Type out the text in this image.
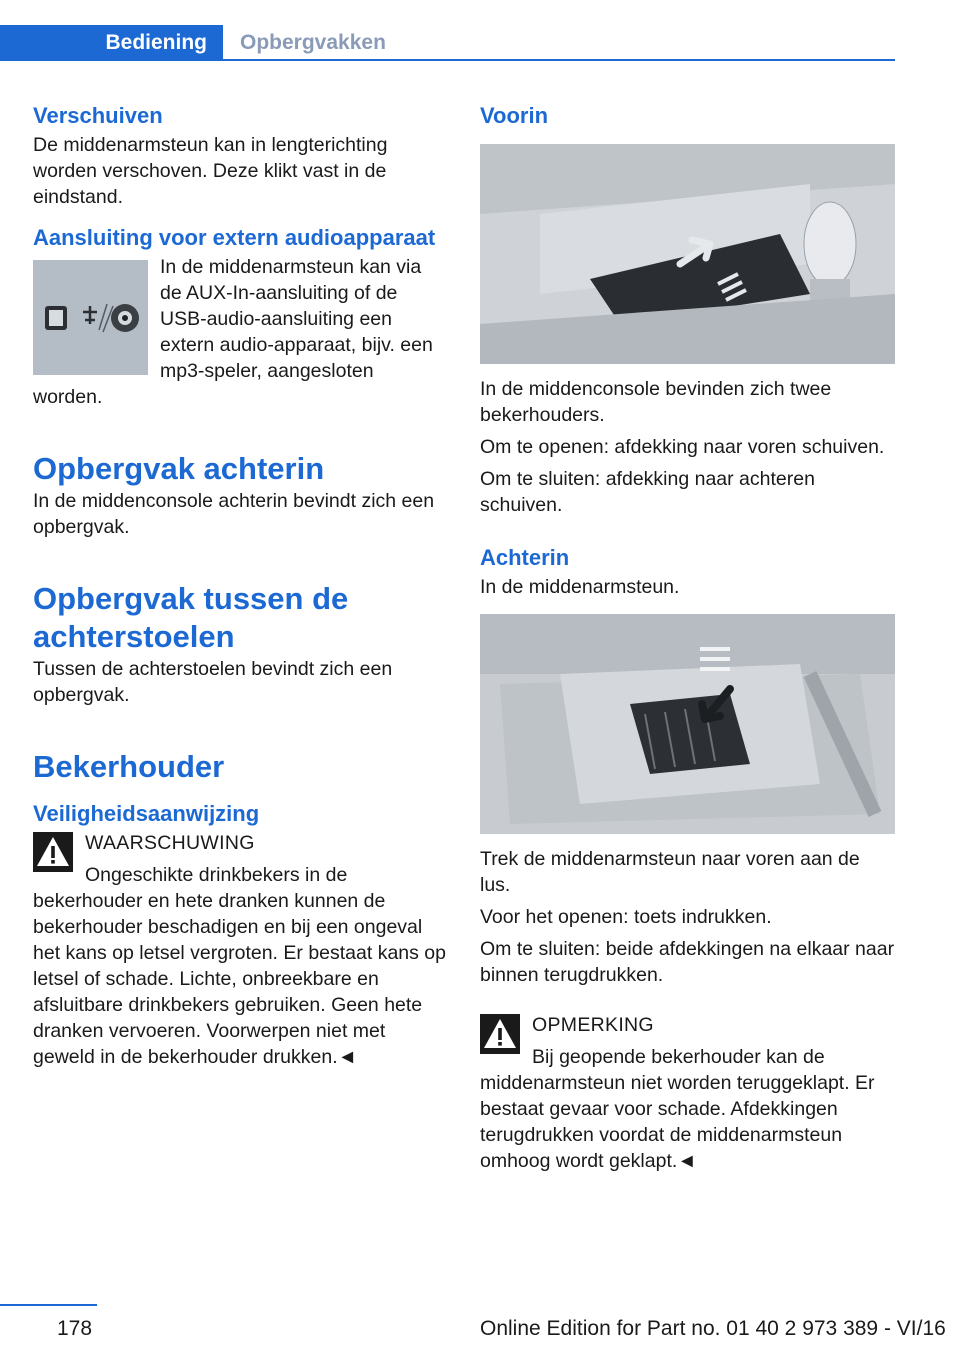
Bediening	Opbergvakken
Verschuiven

De middenarmsteun kan in lengterichting worden verschoven. Deze klikt vast in de eindstand.

Aansluiting voor extern audioapparaat

In de middenarmsteun kan via de AUX-In-aansluiting of de USB-audio-aansluiting een extern audio-apparaat, bijv. een mp3-speler, aangesloten worden.

Opbergvak achterin

In de middenconsole achterin bevindt zich een opbergvak.

Opbergvak tussen de achterstoelen

Tussen de achterstoelen bevindt zich een opbergvak.

Bekerhouder
Veiligheidsaanwijzing

WAARSCHUWING

Ongeschikte drinkbekers in de bekerhouder en hete dranken kunnen de bekerhouder beschadigen en bij een ongeval het kans op letsel vergroten. Er bestaat kans op letsel of schade. Lichte, onbreekbare en afsluitbare drinkbekers gebruiken. Geen hete dranken vervoeren. Voorwerpen niet met geweld in de bekerhouder drukken.◄

Voorin

In de middenconsole bevinden zich twee bekerhouders.

Om te openen: afdekking naar voren schuiven.

Om te sluiten: afdekking naar achteren schuiven.

Achterin

In de middenarmsteun.

Trek de middenarmsteun naar voren aan de lus.

Voor het openen: toets indrukken.

Om te sluiten: beide afdekkingen na elkaar naar binnen terugdrukken.

OPMERKING

Bij geopende bekerhouder kan de middenarmsteun niet worden teruggeklapt. Er bestaat gevaar voor schade. Afdekkingen terugdrukken voordat de middenarmsteun omhoog wordt geklapt.◄

178	Online Edition for Part no. 01 40 2 973 389 - VI/16
